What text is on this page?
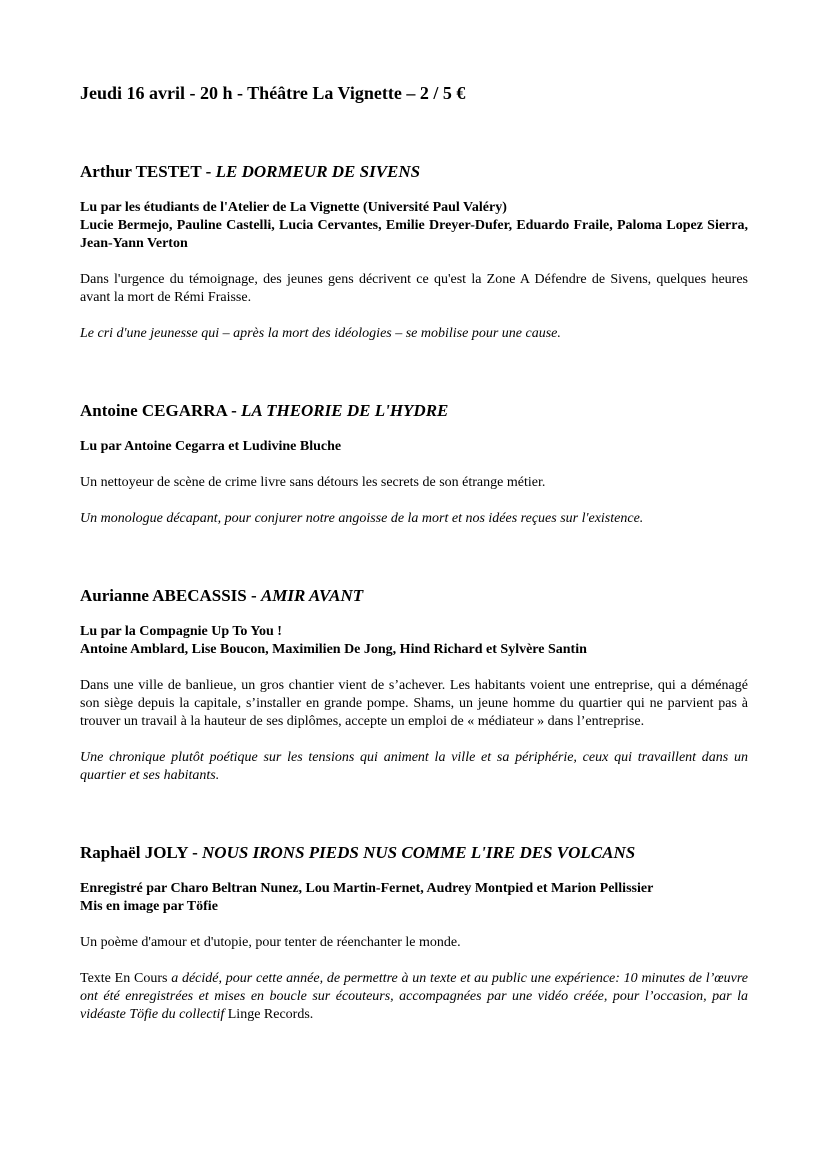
Jeudi 16 avril - 20 h - Théâtre La Vignette – 2 / 5 €
Arthur TESTET - LE DORMEUR DE SIVENS

Lu par les étudiants de l'Atelier de La Vignette (Université Paul Valéry)
Lucie Bermejo, Pauline Castelli, Lucia Cervantes, Emilie Dreyer-Dufer, Eduardo Fraile, Paloma Lopez Sierra, Jean-Yann Verton

Dans l'urgence du témoignage, des jeunes gens décrivent ce qu'est la Zone A Défendre de Sivens, quelques heures avant la mort de Rémi Fraisse.

Le cri d'une jeunesse qui – après la mort des idéologies – se mobilise pour une cause.

Antoine CEGARRA - LA THEORIE DE L'HYDRE

Lu par Antoine Cegarra et Ludivine Bluche

Un nettoyeur de scène de crime livre sans détours les secrets de son étrange métier.

Un monologue décapant, pour conjurer notre angoisse de la mort et nos idées reçues sur l'existence.

Aurianne ABECASSIS - AMIR AVANT

Lu par la Compagnie Up To You !
Antoine Amblard, Lise Boucon, Maximilien De Jong, Hind Richard et Sylvère Santin

Dans une ville de banlieue, un gros chantier vient de s’achever. Les habitants voient une entreprise, qui a déménagé son siège depuis la capitale, s’installer en grande pompe. Shams, un jeune homme du quartier qui ne parvient pas à trouver un travail à la hauteur de ses diplômes, accepte un emploi de « médiateur » dans l’entreprise.

Une chronique plutôt poétique sur les tensions qui animent la ville et sa périphérie, ceux qui travaillent dans un quartier et ses habitants.

Raphaël JOLY - NOUS IRONS PIEDS NUS COMME L'IRE DES VOLCANS

Enregistré par Charo Beltran Nunez, Lou Martin-Fernet, Audrey Montpied et Marion Pellissier
Mis en image par Töfie

Un poème d'amour et d'utopie, pour tenter de réenchanter le monde.

Texte En Cours a décidé, pour cette année, de permettre à un texte et au public une expérience: 10 minutes de l’œuvre ont été enregistrées et mises en boucle sur écouteurs, accompagnées par une vidéo créée, pour l’occasion, par la vidéaste Töfie du collectif Linge Records.
